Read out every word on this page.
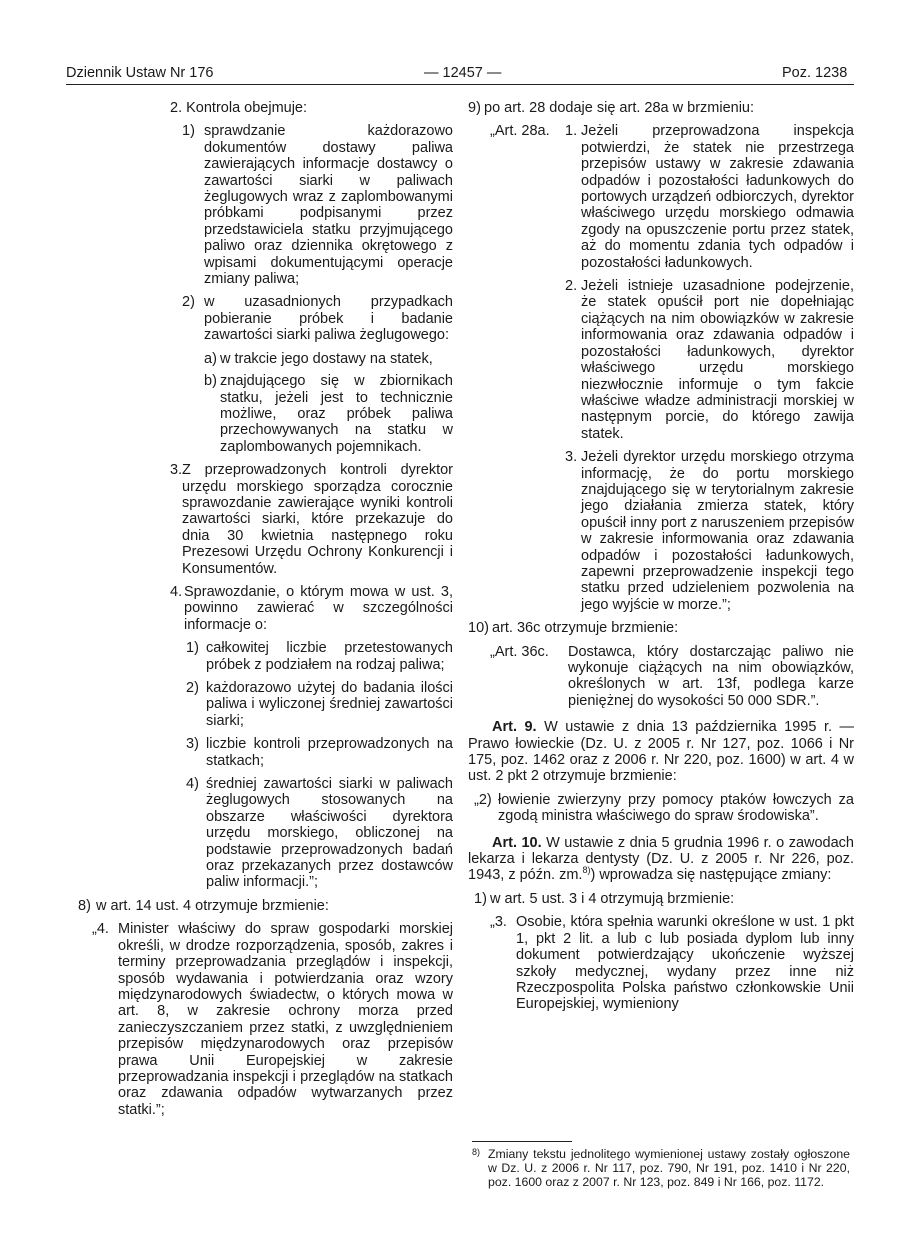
Dziennik Ustaw Nr 176	— 12457 —	Poz. 1238
2. Kontrola obejmuje:
1) sprawdzanie każdorazowo dokumentów dostawy paliwa zawierających informacje dostawcy o zawartości siarki w paliwach żeglugowych wraz z zaplombowanymi próbkami podpisanymi przez przedstawiciela statku przyjmującego paliwo oraz dziennika okrętowego z wpisami dokumentującymi operacje zmiany paliwa;
2) w uzasadnionych przypadkach pobieranie próbek i badanie zawartości siarki paliwa żeglugowego:
a) w trakcie jego dostawy na statek,
b) znajdującego się w zbiornikach statku, jeżeli jest to technicznie możliwe, oraz próbek paliwa przechowywanych na statku w zaplombowanych pojemnikach.
3. Z przeprowadzonych kontroli dyrektor urzędu morskiego sporządza corocznie sprawozdanie zawierające wyniki kontroli zawartości siarki, które przekazuje do dnia 30 kwietnia następnego roku Prezesowi Urzędu Ochrony Konkurencji i Konsumentów.
4. Sprawozdanie, o którym mowa w ust. 3, powinno zawierać w szczególności informacje o:
1) całkowitej liczbie przetestowanych próbek z podziałem na rodzaj paliwa;
2) każdorazowo użytej do badania ilości paliwa i wyliczonej średniej zawartości siarki;
3) liczbie kontroli przeprowadzonych na statkach;
4) średniej zawartości siarki w paliwach żeglugowych stosowanych na obszarze właściwości dyrektora urzędu morskiego, obliczonej na podstawie przeprowadzonych badań oraz przekazanych przez dostawców paliw informacji.”;
8) w art. 14 ust. 4 otrzymuje brzmienie:
„4. Minister właściwy do spraw gospodarki morskiej określi, w drodze rozporządzenia, sposób, zakres i terminy przeprowadzania przeglądów i inspekcji, sposób wydawania i potwierdzania oraz wzory międzynarodowych świadectw, o których mowa w art. 8, w zakresie ochrony morza przed zanieczyszczaniem przez statki, z uwzględnieniem przepisów międzynarodowych oraz przepisów prawa Unii Europejskiej w zakresie przeprowadzania inspekcji i przeglądów na statkach oraz zdawania odpadów wytwarzanych przez statki.”;
9) po art. 28 dodaje się art. 28a w brzmieniu:
„Art. 28a.	1. Jeżeli przeprowadzona inspekcja potwierdzi, że statek nie przestrzega przepisów ustawy w zakresie zdawania odpadów i pozostałości ładunkowych do portowych urządzeń odbiorczych, dyrektor właściwego urzędu morskiego odmawia zgody na opuszczenie portu przez statek, aż do momentu zdania tych odpadów i pozostałości ładunkowych.
2. Jeżeli istnieje uzasadnione podejrzenie, że statek opuścił port nie dopełniając ciążących na nim obowiązków w zakresie informowania oraz zdawania odpadów i pozostałości ładunkowych, dyrektor właściwego urzędu morskiego niezwłocznie informuje o tym fakcie właściwe władze administracji morskiej w następnym porcie, do którego zawija statek.
3. Jeżeli dyrektor urzędu morskiego otrzyma informację, że do portu morskiego znajdującego się w terytorialnym zakresie jego działania zmierza statek, który opuścił inny port z naruszeniem przepisów w zakresie informowania oraz zdawania odpadów i pozostałości ładunkowych, zapewni przeprowadzenie inspekcji tego statku przed udzieleniem pozwolenia na jego wyjście w morze.”;
10) art. 36c otrzymuje brzmienie:
„Art. 36c.	Dostawca, który dostarczając paliwo nie wykonuje ciążących na nim obowiązków, określonych w art. 13f, podlega karze pieniężnej do wysokości 50 000 SDR.”.
Art. 9. W ustawie z dnia 13 października 1995 r. — Prawo łowieckie (Dz. U. z 2005 r. Nr 127, poz. 1066 i Nr 175, poz. 1462 oraz z 2006 r. Nr 220, poz. 1600) w art. 4 w ust. 2 pkt 2 otrzymuje brzmienie:
„2) łowienie zwierzyny przy pomocy ptaków łowczych za zgodą ministra właściwego do spraw środowiska”.
Art. 10. W ustawie z dnia 5 grudnia 1996 r. o zawodach lekarza i lekarza dentysty (Dz. U. z 2005 r. Nr 226, poz. 1943, z późn. zm.$^{8)}$) wprowadza się następujące zmiany:
1) w art. 5 ust. 3 i 4 otrzymują brzmienie:
„3. Osobie, która spełnia warunki określone w ust. 1 pkt 1, pkt 2 lit. a lub c lub posiada dyplom lub inny dokument potwierdzający ukończenie wyższej szkoły medycznej, wydany przez inne niż Rzeczpospolita Polska państwo członkowskie Unii Europejskiej, wymieniony
8) Zmiany tekstu jednolitego wymienionej ustawy zostały ogłoszone w Dz. U. z 2006 r. Nr 117, poz. 790, Nr 191, poz. 1410 i Nr 220, poz. 1600 oraz z 2007 r. Nr 123, poz. 849 i Nr 166, poz. 1172.
